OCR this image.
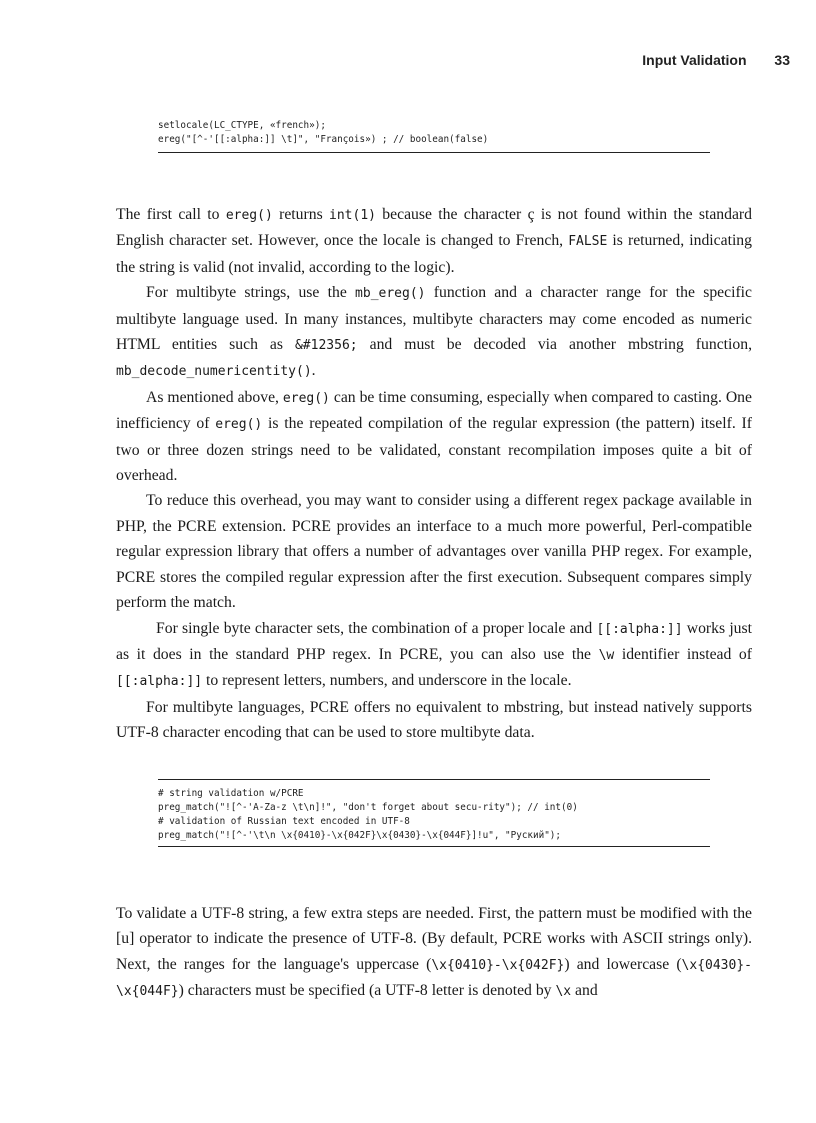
Input Validation 33
setlocale(LC_CTYPE, «french»);
ereg("[^-'[[:alpha:]] \t]", "François») ; // boolean(false)

The first call to ereg() returns int(1) because the character ç is not found within the standard English character set. However, once the locale is changed to French, FALSE is returned, indicating the string is valid (not invalid, according to the logic).

For multibyte strings, use the mb_ereg() function and a character range for the specific multibyte language used. In many instances, multibyte characters may come encoded as numeric HTML entities such as &#12356; and must be decoded via another mbstring function, mb_decode_numericentity().

As mentioned above, ereg() can be time consuming, especially when compared to casting. One inefficiency of ereg() is the repeated compilation of the regular expression (the pattern) itself. If two or three dozen strings need to be validated, constant recompilation imposes quite a bit of overhead.

To reduce this overhead, you may want to consider using a different regex package available in PHP, the PCRE extension. PCRE provides an interface to a much more powerful, Perl-compatible regular expression library that offers a number of advantages over vanilla PHP regex. For example, PCRE stores the compiled regular expression after the first execution. Subsequent compares simply perform the match.

For single byte character sets, the combination of a proper locale and [[:alpha:]] works just as it does in the standard PHP regex. In PCRE, you can also use the \w identifier instead of [[:alpha:]] to represent letters, numbers, and underscore in the locale.

For multibyte languages, PCRE offers no equivalent to mbstring, but instead natively supports UTF-8 character encoding that can be used to store multibyte data.

# string validation w/PCRE
preg_match("![^-'A-Za-z \t\n]!", "don't forget about secu-rity"); // int(0)
# validation of Russian text encoded in UTF-8
preg_match("![^-'\t\n \x{0410}-\x{042F}\x{0430}-\x{044F}]!u", "Руский");

To validate a UTF-8 string, a few extra steps are needed. First, the pattern must be modified with the [u] operator to indicate the presence of UTF-8. (By default, PCRE works with ASCII strings only). Next, the ranges for the language's uppercase (\x{0410}-\x{042F}) and lowercase (\x{0430}-\x{044F}) characters must be specified (a UTF-8 letter is denoted by \x and
